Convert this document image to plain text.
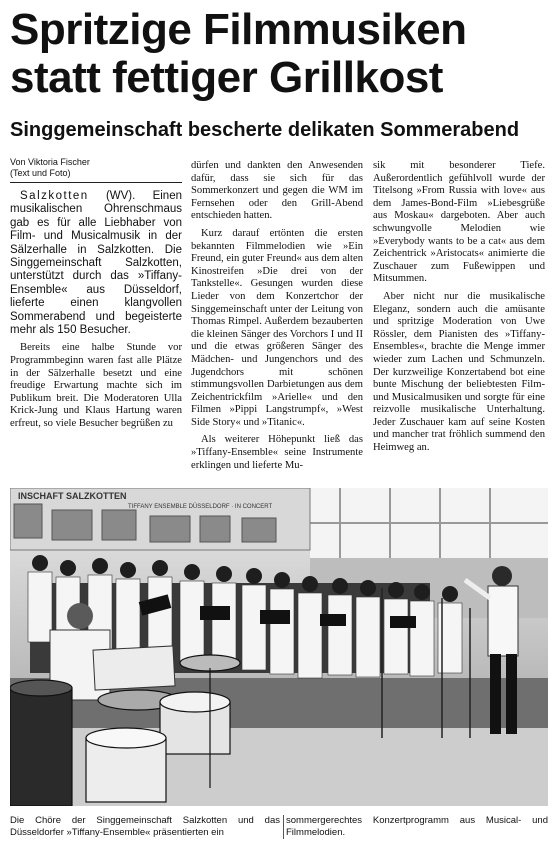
Spritzige Filmmusiken
statt fettiger Grillkost
Singgemeinschaft bescherte delikaten Sommerabend
Von Viktoria Fischer
(Text und Foto)

Salzkotten (WV). Einen musikalischen Ohrenschmaus gab es für alle Liebhaber von Film- und Musicalmusik in der Sälzerhalle in Salzkotten. Die Singgemeinschaft Salzkotten, unterstützt durch das »Tiffany-Ensemble« aus Düsseldorf, lieferte einen klangvollen Sommerabend und begeisterte mehr als 150 Besucher.

Bereits eine halbe Stunde vor Programmbeginn waren fast alle Plätze in der Sälzerhalle besetzt und eine freudige Erwartung machte sich im Publikum breit. Die Moderatoren Ulla Krick-Jung und Klaus Hartung waren erfreut, so viele Besucher begrüßen zu

dürfen und dankten den Anwesenden dafür, dass sie sich für das Sommerkonzert und gegen die WM im Fernsehen oder den Grill-Abend entschieden hatten.

Kurz darauf ertönten die ersten bekannten Filmmelodien wie »Ein Freund, ein guter Freund« aus dem alten Kinostreifen »Die drei von der Tankstelle«. Gesungen wurden diese Lieder von dem Konzertchor der Singgemeinschaft unter der Leitung von Thomas Rimpel. Außerdem bezauberten die kleinen Sänger des Vorchors I und II und die etwas größeren Sänger des Mädchen- und Jungenchors und des Jugendchors mit schönen stimmungsvollen Darbietungen aus dem Zeichentrickfilm »Arielle« und den Filmen »Pippi Langstrumpf«, »West Side Story« und »Titanic«.

Als weiterer Höhepunkt ließ das »Tiffany-Ensemble« seine Instrumente erklingen und lieferte Mu-

sik mit besonderer Tiefe. Außerordentlich gefühlvoll wurde der Titelsong »From Russia with love« aus dem James-Bond-Film »Liebesgrüße aus Moskau« dargeboten. Aber auch schwungvolle Melodien wie »Everybody wants to be a cat« aus dem Zeichentrick »Aristocats« animierte die Zuschauer zum Fußewippen und Mitsummen.

Aber nicht nur die musikalische Eleganz, sondern auch die amüsante und spritzige Moderation von Uwe Rössler, dem Pianisten des »Tiffany-Ensembles«, brachte die Menge immer wieder zum Lachen und Schmunzeln. Der kurzweilige Konzertabend bot eine bunte Mischung der beliebtesten Film- und Musicalmusiken und sorgte für eine reizvolle musikalische Unterhaltung. Jeder Zuschauer kam auf seine Kosten und mancher trat fröhlich summend den Heimweg an.

INSCHAFT SALZKOTTEN
TIFFANY ENSEMBLE DÜSSELDORF · IN CONCERT
Die Chöre der Singgemeinschaft Salzkotten und das Düsseldorfer »Tiffany-Ensemble« präsentierten ein
sommergerechtes Konzertprogramm aus Musical- und Filmmelodien.
